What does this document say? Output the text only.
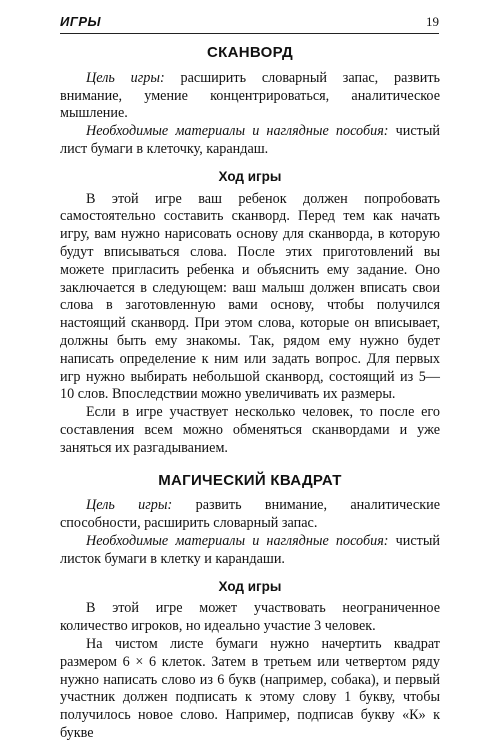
ИГРЫ	19
СКАНВОРД

Цель игры: расширить словарный запас, развить внимание, умение концентрироваться, аналитическое мышление.

Необходимые материалы и наглядные пособия: чистый лист бумаги в клеточку, карандаш.

Ход игры

В этой игре ваш ребенок должен попробовать самостоятельно составить сканворд. Перед тем как начать игру, вам нужно нарисовать основу для сканворда, в которую будут вписываться слова. После этих приготовлений вы можете пригласить ребенка и объяснить ему задание. Оно заключается в следующем: ваш малыш должен вписать свои слова в заготовленную вами основу, чтобы получился настоящий сканворд. При этом слова, которые он вписывает, должны быть ему знакомы. Так, рядом ему нужно будет написать определение к ним или задать вопрос. Для первых игр нужно выбирать небольшой сканворд, состоящий из 5—10 слов. Впоследствии можно увеличивать их размеры.

Если в игре участвует несколько человек, то после его составления всем можно обменяться сканвордами и уже заняться их разгадыванием.

МАГИЧЕСКИЙ КВАДРАТ

Цель игры: развить внимание, аналитические способности, расширить словарный запас.

Необходимые материалы и наглядные пособия: чистый листок бумаги в клетку и карандаши.

Ход игры

В этой игре может участвовать неограниченное количество игроков, но идеально участие 3 человек.

На чистом листе бумаги нужно начертить квадрат размером 6 × 6 клеток. Затем в третьем или четвертом ряду нужно написать слово из 6 букв (например, собака), и первый участник должен подписать к этому слову 1 букву, чтобы получилось новое слово. Например, подписав букву «К» к букве
